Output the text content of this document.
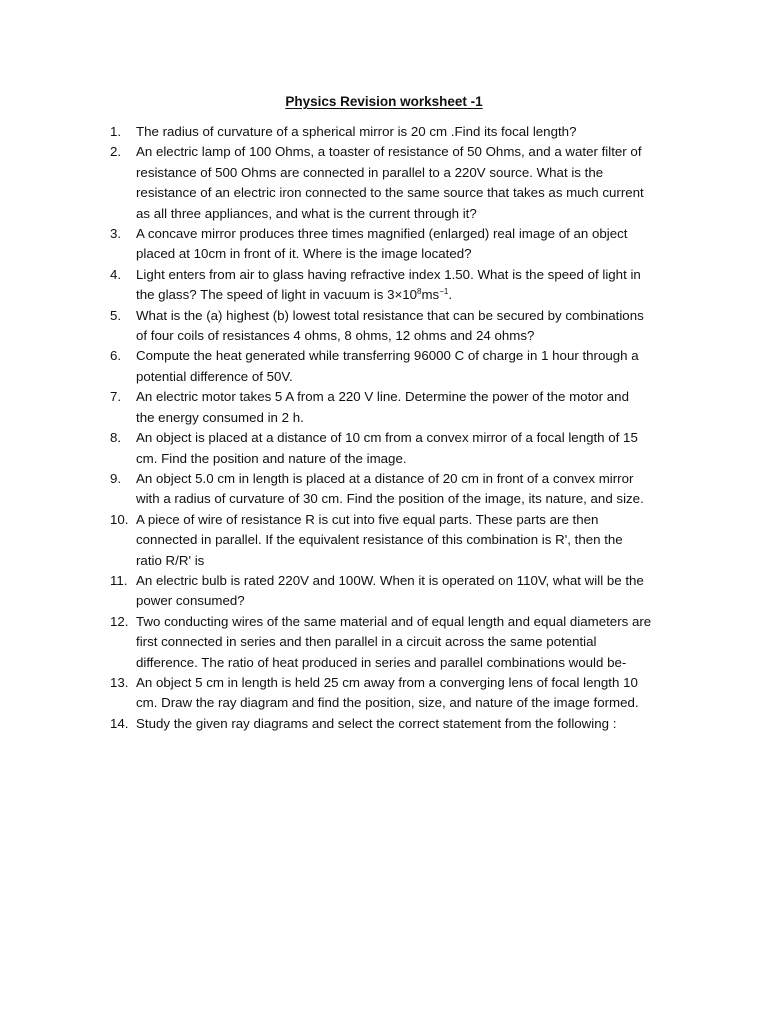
Physics Revision worksheet -1
1.	The radius of curvature of a spherical mirror is 20 cm .Find its focal length?
2.	An electric lamp of 100 Ohms, a toaster of resistance of 50 Ohms, and a water filter of
resistance of 500 Ohms are connected in parallel to a 220V source. What is the
resistance of an electric iron connected to the same source that takes as much current
as all three appliances, and what is the current through it?
3.	A concave mirror produces three times magnified (enlarged) real image of an object
placed at 10cm in front of it. Where is the image located?
4.	Light enters from air to glass having refractive index 1.50. What is the speed of light in
the glass? The speed of light in vacuum is $3\times 10^8ms^{-1}$.
5.	What is the (a) highest (b) lowest total resistance that can be secured by combinations
of four coils of resistances 4 ohms, 8 ohms, 12 ohms and 24 ohms?
6.	Compute the heat generated while transferring 96000 C of charge in 1 hour through a
potential difference of 50V.
7.	An electric motor takes 5 A from a 220 V line. Determine the power of the motor and
the energy consumed in 2 h.
8.	An object is placed at a distance of 10 cm from a convex mirror of a focal length of 15
cm. Find the position and nature of the image.
9.	An object 5.0 cm in length is placed at a distance of 20 cm in front of a convex mirror
with a radius of curvature of 30 cm. Find the position of the image, its nature, and size.
10. A piece of wire of resistance R is cut into five equal parts. These parts are then
connected in parallel. If the equivalent resistance of this combination is R', then the
ratio R/R' is
11. An electric bulb is rated 220V and 100W. When it is operated on 110V, what will be the
power consumed?
12. Two conducting wires of the same material and of equal length and equal diameters are
first connected in series and then parallel in a circuit across the same potential
difference. The ratio of heat produced in series and parallel combinations would be-
13. An object 5 cm in length is held 25 cm away from a converging lens of focal length 10
cm. Draw the ray diagram and find the position, size, and nature of the image formed.
14. Study the given ray diagrams and select the correct statement from the following :
